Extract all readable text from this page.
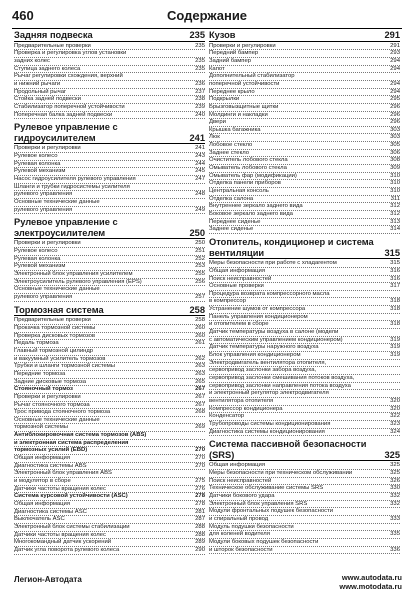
460	Содержание
Задняя подвеска	235
Предварительные проверки	235
Проверка и регулировка углов установки
задних колес	235
Ступица заднего колеса	235
Рычаг регулировки схождения, верхний
и нижний рычаги	236
Продольный рычаг	237
Стойка задней подвески	238
Стабилизатор поперечной устойчивости	239
Поперечная балка задней подвески	240
Рулевое управление с гидроусилителем	241
Проверки и регулировки	241
Рулевое колесо	243
Рулевая колонка	244
Рулевой механизм	245
Насос гидроусилителя рулевого управления	247
Шланги и трубки гидросистемы усилителя
рулевого управления	248
Основные технические данные
рулевого управления	249
Рулевое управление с электроусилителем	250
Проверки и регулировки	250
Рулевое колесо	251
Рулевая колонка	252
Рулевой механизм	253
Электронный блок управления усилителем	255
Электроусилитель рулевого управления (EPS)	256
Основные технические данные
рулевого управления	257
Тормозная система	258
Предварительные проверки	258
Прокачка тормозной системы	260
Проверка дисковых тормозов	260
Педаль тормоза	261
Главный тормозной цилиндр
и вакуумный усилитель тормозов	262
Трубки и шланги тормозной системы	263
Передние тормоза	263
Задние дисковые тормоза	265
Стояночный тормоз	267
Проверки и регулировки	267
Рычаг стояночного тормоза	267
Трос привода стояночного тормоза	268
Основные технические данные
тормозной системы	269
Антиблокировочная система тормозов (ABS)
и электронная система распределения
тормозных усилий (EBD)	270
Общая информация	270
Диагностика системы ABS	270
Электронный блок управления ABS
и модулятор в сборе	275
Датчики частоты вращения колес	276
Система курсовой устойчивости (ASC)	278
Общая информация	278
Диагностика системы ASC	281
Выключатель ASC	287
Электронный блок системы стабилизации	288
Датчики частоты вращения колес	288
Многокомандный датчик ускорений	289
Датчик угла поворота рулевого колеса	290
Кузов	291
Проверки и регулировки	291
Передний бампер	293
Задний бампер	294
Капот	294
Дополнительный стабилизатор
поперечной устойчивости	294
Переднее крыло	294
Подкрылки	295
Брызговызщитные щитки	296
Молдинги и накладки	296
Двери	296
Крышка багажника	303
Люк	303
Лобовое стекло	305
Заднее стекло	306
Очиститель лобового стекла	308
Омыватель лобового стекла	309
Омыватель фар (модификации)	310
Отделка панели приборов	310
Центральная консоль	310
Отделка салона	311
Внутреннее зеркало заднего вида	312
Боковое зеркало заднего вида	312
Переднее сиденье	313
Заднее сиденье	314
Отопитель, кондиционер и система вентиляции	315
Меры безопасности при работе с хладагентом	315
Общая информация	316
Поиск неисправностей	316
Основные проверки	317
Процедура возврата компрессорного масла
в компрессор	318
Устранение шумов от компрессора	318
Панель управления кондиционером
и отопителем в сборе	318
Датчик температуры воздуха в салоне (модели
с автоматическим управлением кондиционером)	319
Датчик температуры наружного воздуха	319
Блок управления кондиционером	319
Электродвигатель вентилятора отопителя,
сервопривод заслонки забора воздуха,
сервопривод заслонки смешивания потоков воздуха,
сервопривод заслонки направления потока воздуха
и электронный регулятор электродвигателя
вентилятора отопителя	320
Компрессор кондиционера	320
Конденсатор	322
Трубопроводы системы кондиционирования	323
Диагностика системы кондиционирования	324
Система пассивной безопасности (SRS)	325
Общая информация	325
Меры безопасности при техническом обслуживании	325
Поиск неисправностей	326
Техническое обслуживание системы SRS	330
Датчики бокового удара	332
Электронный блок управления SRS	332
Модули фронтальных подушек безопасности
и спиральный провод	333
Модуль подушки безопасности
для коленей водителя	335
Модули боковых подушек безопасности
и шторок безопасности	336
Легион-Автодата	www.autodata.ru
www.motodata.ru
